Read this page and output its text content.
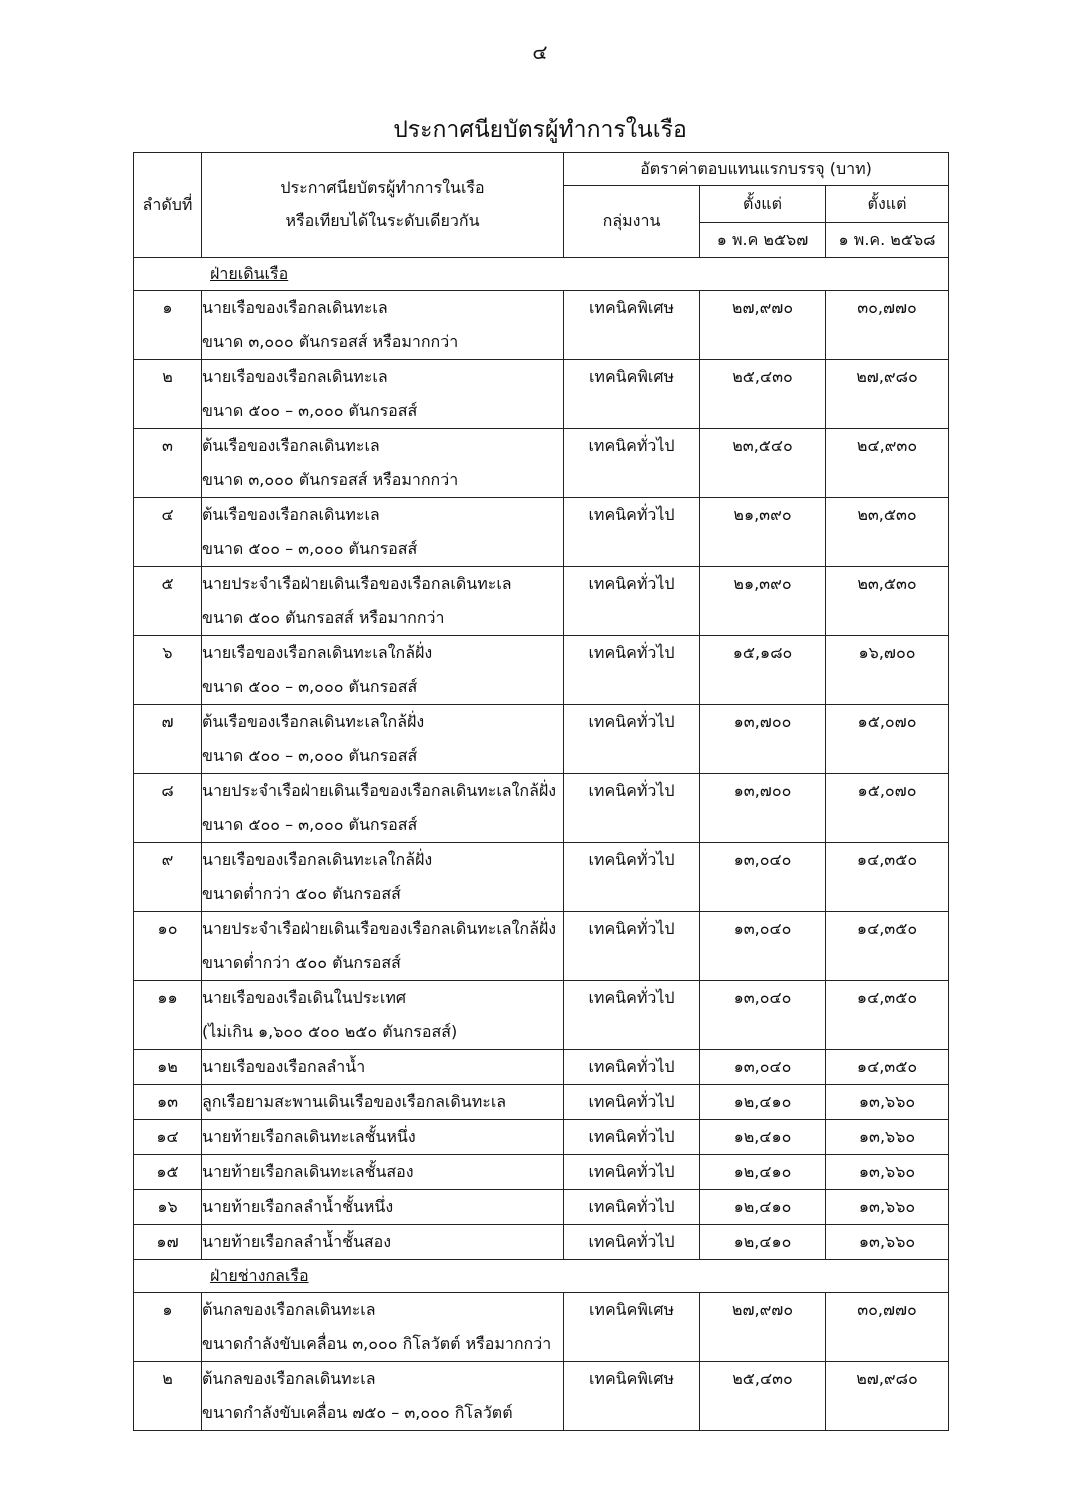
๔
ประกาศนียบัตรผู้ทำการในเรือ
ลำดับที่	ประกาศนียบัตรผู้ทำการในเรือ
หรือเทียบได้ในระดับเดียวกัน	อัตราค่าตอบแทนแรกบรรจุ (บาท)		
		กลุ่มงาน	ตั้งแต่	ตั้งแต่
			๑ พ.ค ๒๕๖๗	๑ พ.ค. ๒๕๖๘
ฝ่ายเดินเรือ				

๑	นายเรือของเรือกลเดินทะเล
ขนาด ๓,๐๐๐ ตันกรอสส์ หรือมากกว่า	เทคนิคพิเศษ	๒๗,๙๗๐	๓๐,๗๗๐

๒	นายเรือของเรือกลเดินทะเล
ขนาด ๕๐๐ – ๓,๐๐๐ ตันกรอสส์	เทคนิคพิเศษ	๒๕,๔๓๐	๒๗,๙๘๐

๓	ต้นเรือของเรือกลเดินทะเล
ขนาด ๓,๐๐๐ ตันกรอสส์ หรือมากกว่า	เทคนิคทั่วไป	๒๓,๕๔๐	๒๔,๙๓๐

๔	ต้นเรือของเรือกลเดินทะเล
ขนาด ๕๐๐ – ๓,๐๐๐ ตันกรอสส์	เทคนิคทั่วไป	๒๑,๓๙๐	๒๓,๕๓๐

๕	นายประจำเรือฝ่ายเดินเรือของเรือกลเดินทะเล
ขนาด ๕๐๐ ตันกรอสส์ หรือมากกว่า	เทคนิคทั่วไป	๒๑,๓๙๐	๒๓,๕๓๐

๖	นายเรือของเรือกลเดินทะเลใกล้ฝั่ง
ขนาด ๕๐๐ – ๓,๐๐๐ ตันกรอสส์	เทคนิคทั่วไป	๑๕,๑๘๐	๑๖,๗๐๐

๗	ต้นเรือของเรือกลเดินทะเลใกล้ฝั่ง
ขนาด ๕๐๐ – ๓,๐๐๐ ตันกรอสส์	เทคนิคทั่วไป	๑๓,๗๐๐	๑๕,๐๗๐

๘	นายประจำเรือฝ่ายเดินเรือของเรือกลเดินทะเลใกล้ฝั่ง
ขนาด ๕๐๐ – ๓,๐๐๐ ตันกรอสส์	เทคนิคทั่วไป	๑๓,๗๐๐	๑๕,๐๗๐

๙	นายเรือของเรือกลเดินทะเลใกล้ฝั่ง
ขนาดต่ำกว่า ๕๐๐ ตันกรอสส์	เทคนิคทั่วไป	๑๓,๐๔๐	๑๔,๓๕๐

๑๐	นายประจำเรือฝ่ายเดินเรือของเรือกลเดินทะเลใกล้ฝั่ง
ขนาดต่ำกว่า ๕๐๐ ตันกรอสส์	เทคนิคทั่วไป	๑๓,๐๔๐	๑๔,๓๕๐

๑๑	นายเรือของเรือเดินในประเทศ
(ไม่เกิน ๑,๖๐๐ ๕๐๐ ๒๕๐ ตันกรอสส์)	เทคนิคทั่วไป	๑๓,๐๔๐	๑๔,๓๕๐

๑๒	นายเรือของเรือกลลำน้ำ	เทคนิคทั่วไป	๑๓,๐๔๐	๑๔,๓๕๐

๑๓	ลูกเรือยามสะพานเดินเรือของเรือกลเดินทะเล	เทคนิคทั่วไป	๑๒,๔๑๐	๑๓,๖๖๐

๑๔	นายท้ายเรือกลเดินทะเลชั้นหนึ่ง	เทคนิคทั่วไป	๑๒,๔๑๐	๑๓,๖๖๐

๑๕	นายท้ายเรือกลเดินทะเลชั้นสอง	เทคนิคทั่วไป	๑๒,๔๑๐	๑๓,๖๖๐

๑๖	นายท้ายเรือกลลำน้ำชั้นหนึ่ง	เทคนิคทั่วไป	๑๒,๔๑๐	๑๓,๖๖๐

๑๗	นายท้ายเรือกลลำน้ำชั้นสอง	เทคนิคทั่วไป	๑๒,๔๑๐	๑๓,๖๖๐

ฝ่ายช่างกลเรือ				

๑	ต้นกลของเรือกลเดินทะเล
ขนาดกำลังขับเคลื่อน ๓,๐๐๐ กิโลวัตต์ หรือมากกว่า	เทคนิคพิเศษ	๒๗,๙๗๐	๓๐,๗๗๐

๒	ต้นกลของเรือกลเดินทะเล
ขนาดกำลังขับเคลื่อน ๗๕๐ – ๓,๐๐๐ กิโลวัตต์	เทคนิคพิเศษ	๒๕,๔๓๐	๒๗,๙๘๐
